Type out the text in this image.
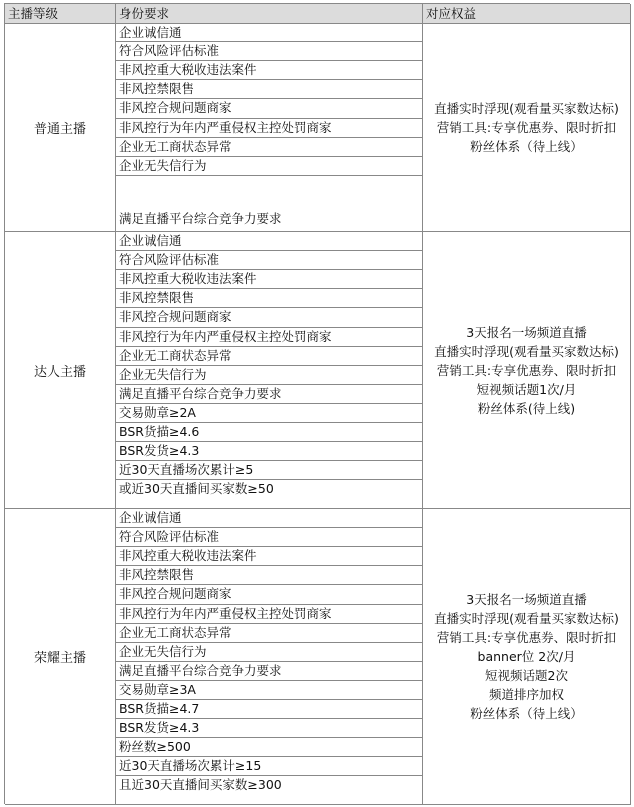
主播等级	身份要求	对应权益
普通主播
企业诚信通
符合风险评估标准
非风控重大税收违法案件
非风控禁限售
非风控合规问题商家
非风控行为年内严重侵权主控处罚商家
企业无工商状态异常
企业无失信行为
满足直播平台综合竞争力要求
直播实时浮现(观看量买家数达标)
营销工具:专享优惠券、限时折扣
粉丝体系（待上线）
达人主播
企业诚信通
符合风险评估标准
非风控重大税收违法案件
非风控禁限售
非风控合规问题商家
非风控行为年内严重侵权主控处罚商家
企业无工商状态异常
企业无失信行为
满足直播平台综合竞争力要求
交易勋章≥2A
BSR货描≥4.6
BSR发货≥4.3
近30天直播场次累计≥5
或近30天直播间买家数≥50
3天报名一场频道直播
直播实时浮现(观看量买家数达标)
营销工具:专享优惠券、限时折扣
短视频话题1次/月
粉丝体系(待上线)
荣耀主播
企业诚信通
符合风险评估标准
非风控重大税收违法案件
非风控禁限售
非风控合规问题商家
非风控行为年内严重侵权主控处罚商家
企业无工商状态异常
企业无失信行为
满足直播平台综合竞争力要求
交易勋章≥3A
BSR货描≥4.7
BSR发货≥4.3
粉丝数≥500
近30天直播场次累计≥15
且近30天直播间买家数≥300
3天报名一场频道直播
直播实时浮现(观看量买家数达标)
营销工具:专享优惠券、限时折扣
banner位 2次/月
短视频话题2次
频道排序加权
粉丝体系（待上线）
